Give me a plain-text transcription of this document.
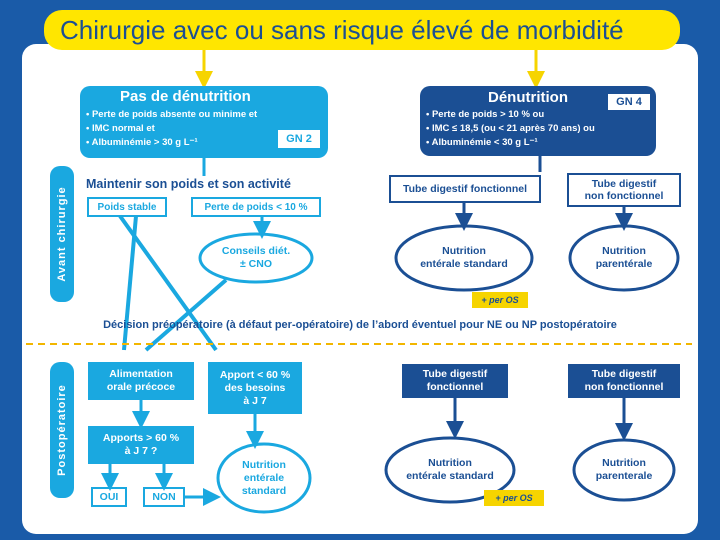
Chirurgie avec ou sans risque élevé de morbidité
Avant chirurgie
Postopératoire
Pas de dénutrition
• Perte de poids absente ou minime et
• IMC normal et
• Albuminémie > 30 g L⁻¹	GN 2
Dénutrition
• Perte de poids > 10 % ou
• IMC ≤ 18,5 (ou < 21 après 70 ans) ou
• Albuminémie < 30 g L⁻¹
GN 4
Maintenir son poids et son activité
Poids stable	Perte de poids < 10 %
Conseils diét.
± CNO
Tube digestif fonctionnel	Tube digestif
non fonctionnel
Nutrition
entérale standard
Nutrition
parentérale
+ per OS
Décision préopératoire (à défaut per-opératoire) de l’abord éventuel pour NE ou NP postopératoire
Alimentation
orale précoce
Apport < 60 %
des besoins
à J 7
Apports > 60 %
à J 7 ?
OUI	NON
Nutrition
entérale
standard
Tube digestif
fonctionnel
Tube digestif
non fonctionnel
Nutrition
entérale standard
Nutrition
parenterale
+ per OS
